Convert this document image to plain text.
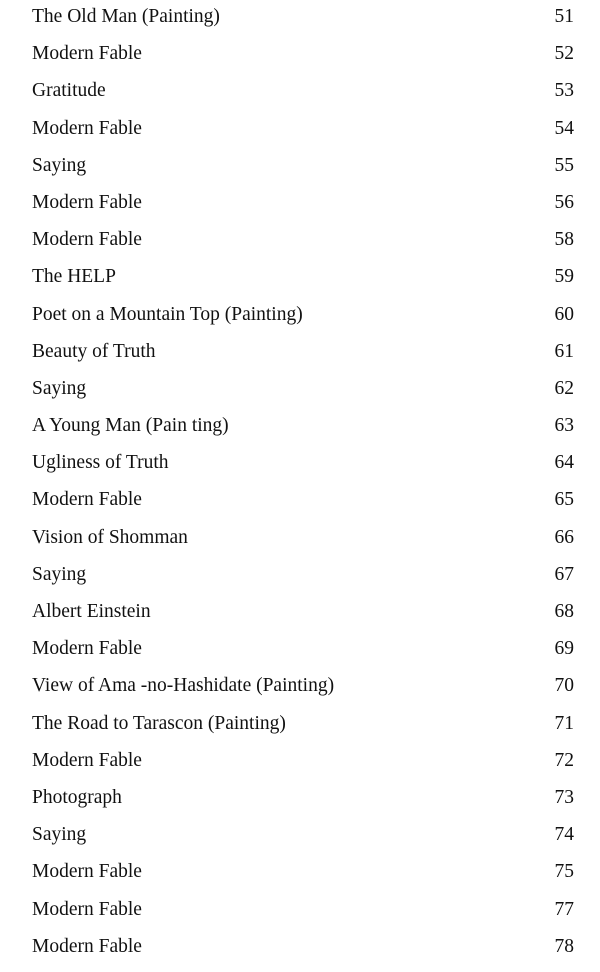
The Old Man (Painting)	51
Modern Fable	52
Gratitude	53
Modern Fable	54
Saying	55
Modern Fable	56
Modern Fable	58
The HELP	59
Poet on a Mountain Top (Painting)	60
Beauty of Truth	61
Saying	62
A Young Man (Pain ting)	63
Ugliness of Truth	64
Modern Fable	65
Vision of Shomman	66
Saying	67
Albert Einstein	68
Modern Fable	69
View of Ama -no-Hashidate (Painting)	70
The Road to Tarascon (Painting)	71
Modern Fable	72
Photograph	73
Saying	74
Modern Fable	75
Modern Fable	77
Modern Fable	78
